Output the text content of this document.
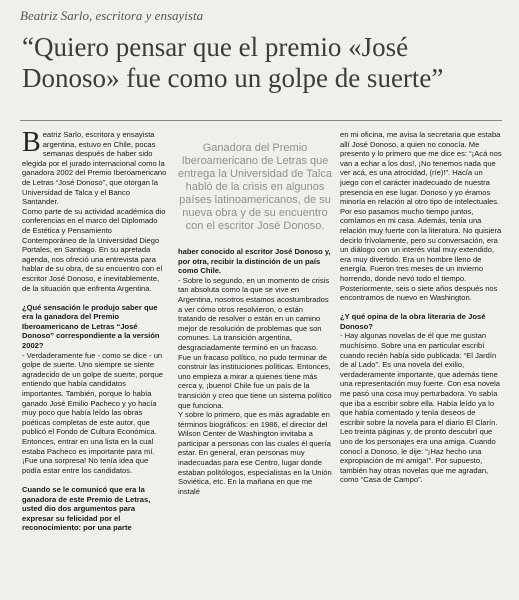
Beatriz Sarlo, escritora y ensayista
“Quiero pensar que el premio «José Donoso» fue como un golpe de suerte”

Beatriz Sarlo, escritora y ensayista argentina, estuvo en Chile, pocas semanas después de haber sido elegida por el jurado internacional como la ganadora 2002 del Premio Iberoamericano de Letras “José Donoso”, que otorgan la Universidad de Talca y el Banco Santander.

Como parte de su actividad académica dio conferencias en el marco del Diplomado de Estética y Pensamiento Contemporáneo de la Universidad Diego Portales, en Santiago. En su apretada agenda, nos ofreció una entrevista para hablar de su obra, de su encuentro con el escritor José Donoso, e inevitablemente, de la situación que enfrenta Argentina.

¿Qué sensación le produjo saber que era la ganadora del Premio Iberoamericano de Letras “José Donoso” correspondiente a la versión 2002?

- Verdaderamente fue - como se dice - un golpe de suerte. Uno siempre se siente agradecido de un golpe de suerte, porque entiendo que había candidatos importantes. También, porque lo había ganado José Emilio Pacheco y yo hacía muy poco que había leído las obras poéticas completas de este autor, que publicó el Fondo de Cultura Económica. Entonces, entrar en una lista en la cual estaba Pacheco es importante para mí. ¡Fue una sorpresa! No tenía idea que podía estar entre los candidatos.

Cuando se le comunicó que era la ganadora de este Premio de Letras, usted dio dos argumentos para expresar su felicidad por el reconocimiento: por una parte

Ganadora del Premio Iberoamericano de Letras que entrega la Universidad de Talca habló de la crisis en algunos países latinoamericanos, de su nueva obra y de su encuentro con el escritor José Donoso.

haber conocido al escritor José Donoso y, por otra, recibir la distinción de un país como Chile.

- Sobre lo segundo, en un momento de crisis tan absoluta como la que se vive en Argentina, nosotros estamos acostumbrados a ver cómo otros resolvieron, o están tratando de resolver o están en un camino mejor de resolución de problemas que son comunes. La transición argentina, desgraciadamente terminó en un fracaso. Fue un fracaso político, no pudo terminar de construir las instituciones políticas. Entonces, uno empieza a mirar a quienes tiene más cerca y, ¡bueno! Chile fue un país de la transición y creo que tiene un sistema político que funciona.

Y sobre lo primero, que es más agradable en términos biográficos: en 1986, el director del Wilson Center de Washington invitaba a participar a personas con las cuales él quería estar. En general, eran personas muy inadecuadas para ese Centro, lugar donde estaban politólogos, especialistas en la Unión Soviética, etc. En la mañana en que me instalé

en mi oficina, me avisa la secretaria que estaba allí José Donoso, a quien no conocía. Me presento y lo primero que me dice es: “¡Acá nos van a echar a los dos!, ¡No tenemos nada que ver acá, es una atrocidad, (ríe)!”. Hacía un juego con el carácter inadecuado de nuestra presencia en ese lugar. Donoso y yo éramos minoría en relación al otro tipo de intelectuales. Por eso pasamos mucho tiempo juntos, comíamos en mi casa. Además, tenía una relación muy fuerte con la literatura. No quisiera decirlo frívolamente, pero su conversación, era un diálogo con un interés vital muy extendido, era muy divertido. Era un hombre lleno de energía. Fueron tres meses de un invierno horrendo, donde nevó todo el tiempo. Posteriormente, seis o siete años después nos encontramos de nuevo en Washington.

¿Y qué opina de la obra literaria de José Donoso?

- Hay algunas novelas de él que me gustan muchísimo. Sobre una en particular escribí cuando recién había sido publicada: “El Jardín de al Lado”. Es una novela del exilio, verdaderamente importante, que además tiene una representación muy fuerte. Con esa novela me pasó una cosa muy perturbadora. Yo sabía que iba a escribir sobre ella. Había leído ya lo que había comentado y tenía deseos de escribir sobre la novela para el diario El Clarín. Leo treinta páginas y, de pronto descubrí que uno de los personajes era una amiga. Cuando conocí a Donoso, le dije: “¡Haz hecho una expropiación de mi amiga!”. Por supuesto, también hay otras novelas que me agradan, como “Casa de Campo”.
